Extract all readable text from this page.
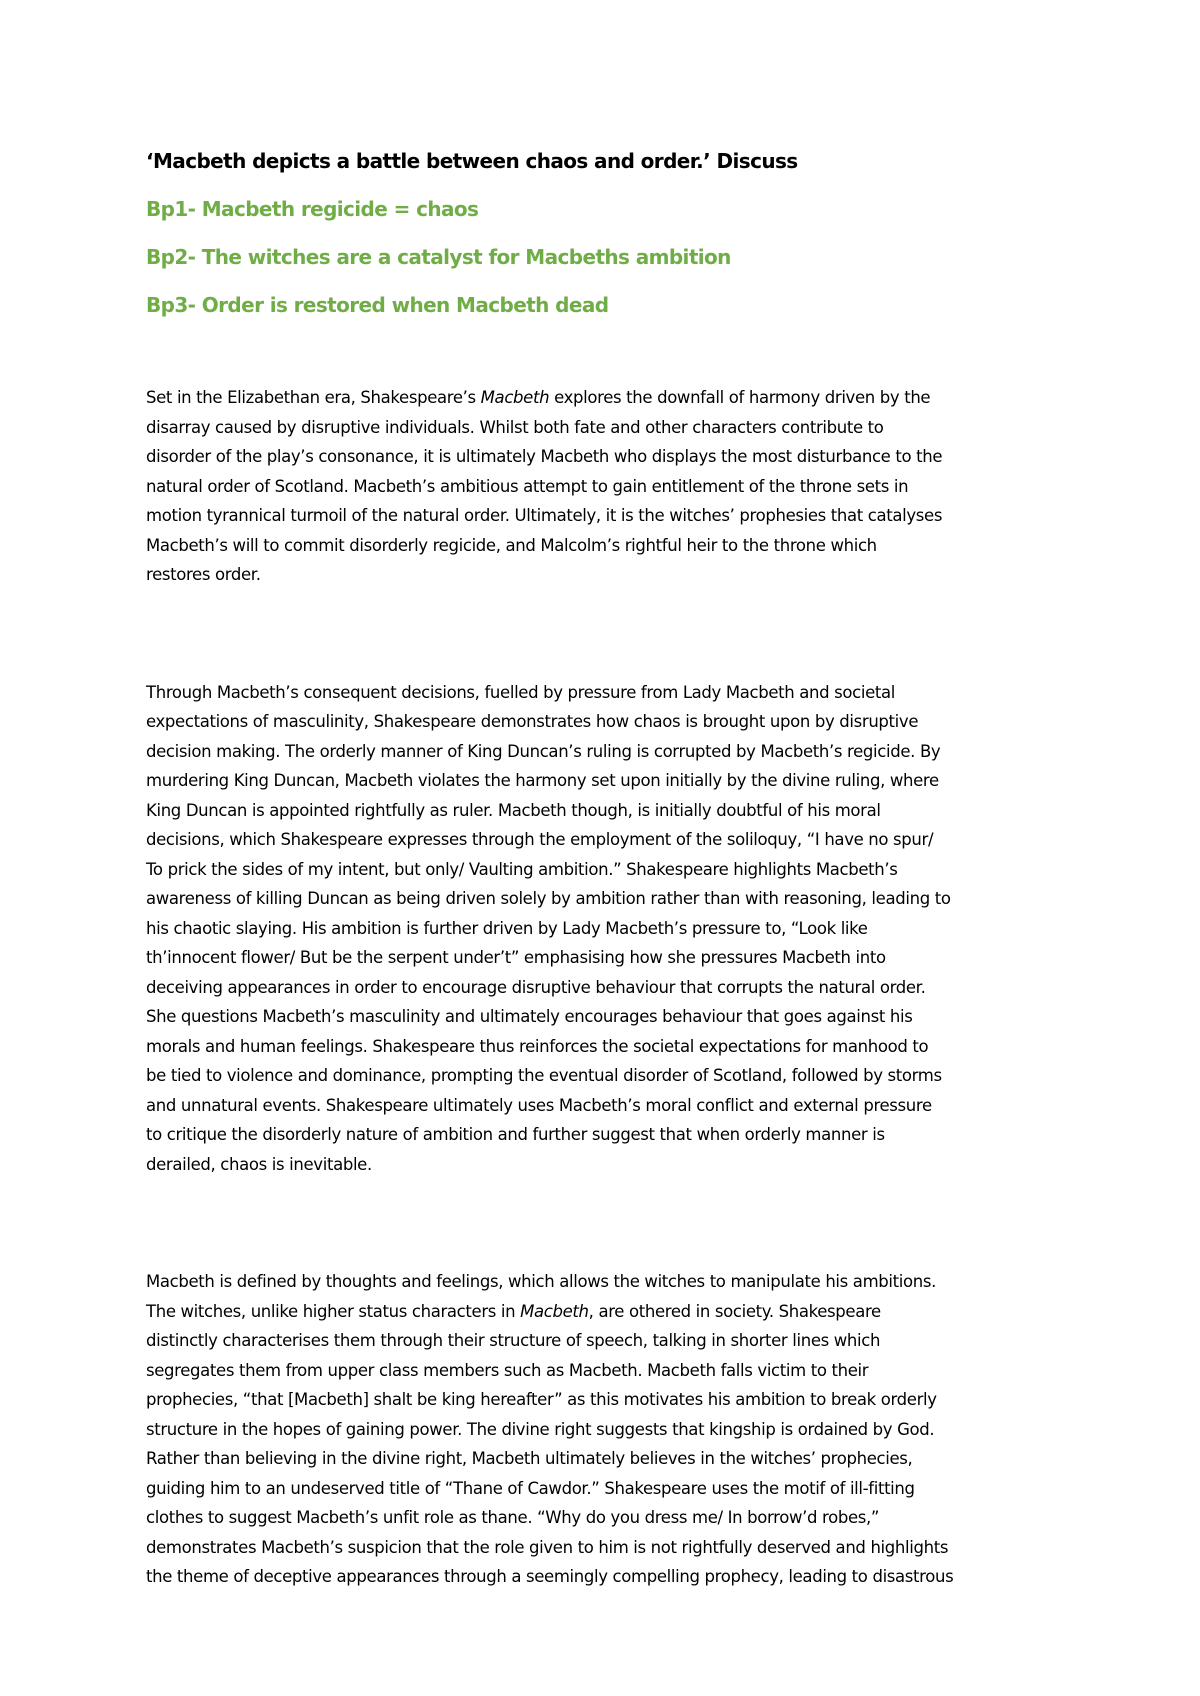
‘Macbeth depicts a battle between chaos and order.’ Discuss
Bp1- Macbeth regicide = chaos
Bp2- The witches are a catalyst for Macbeths ambition
Bp3- Order is restored when Macbeth dead
Set in the Elizabethan era, Shakespeare’s Macbeth explores the downfall of harmony driven by the
disarray caused by disruptive individuals. Whilst both fate and other characters contribute to
disorder of the play’s consonance, it is ultimately Macbeth who displays the most disturbance to the
natural order of Scotland. Macbeth’s ambitious attempt to gain entitlement of the throne sets in
motion tyrannical turmoil of the natural order. Ultimately, it is the witches’ prophesies that catalyses
Macbeth’s will to commit disorderly regicide, and Malcolm’s rightful heir to the throne which
restores order.
Through Macbeth’s consequent decisions, fuelled by pressure from Lady Macbeth and societal
expectations of masculinity, Shakespeare demonstrates how chaos is brought upon by disruptive
decision making. The orderly manner of King Duncan’s ruling is corrupted by Macbeth’s regicide. By
murdering King Duncan, Macbeth violates the harmony set upon initially by the divine ruling, where
King Duncan is appointed rightfully as ruler. Macbeth though, is initially doubtful of his moral
decisions, which Shakespeare expresses through the employment of the soliloquy, “I have no spur/
To prick the sides of my intent, but only/ Vaulting ambition.” Shakespeare highlights Macbeth’s
awareness of killing Duncan as being driven solely by ambition rather than with reasoning, leading to
his chaotic slaying. His ambition is further driven by Lady Macbeth’s pressure to, “Look like
th’innocent flower/ But be the serpent under’t” emphasising how she pressures Macbeth into
deceiving appearances in order to encourage disruptive behaviour that corrupts the natural order.
She questions Macbeth’s masculinity and ultimately encourages behaviour that goes against his
morals and human feelings. Shakespeare thus reinforces the societal expectations for manhood to
be tied to violence and dominance, prompting the eventual disorder of Scotland, followed by storms
and unnatural events. Shakespeare ultimately uses Macbeth’s moral conflict and external pressure
to critique the disorderly nature of ambition and further suggest that when orderly manner is
derailed, chaos is inevitable.
Macbeth is defined by thoughts and feelings, which allows the witches to manipulate his ambitions.
The witches, unlike higher status characters in Macbeth, are othered in society. Shakespeare
distinctly characterises them through their structure of speech, talking in shorter lines which
segregates them from upper class members such as Macbeth. Macbeth falls victim to their
prophecies, “that [Macbeth] shalt be king hereafter” as this motivates his ambition to break orderly
structure in the hopes of gaining power. The divine right suggests that kingship is ordained by God.
Rather than believing in the divine right, Macbeth ultimately believes in the witches’ prophecies,
guiding him to an undeserved title of “Thane of Cawdor.” Shakespeare uses the motif of ill-fitting
clothes to suggest Macbeth’s unfit role as thane. “Why do you dress me/ In borrow’d robes,”
demonstrates Macbeth’s suspicion that the role given to him is not rightfully deserved and highlights
the theme of deceptive appearances through a seemingly compelling prophecy, leading to disastrous
